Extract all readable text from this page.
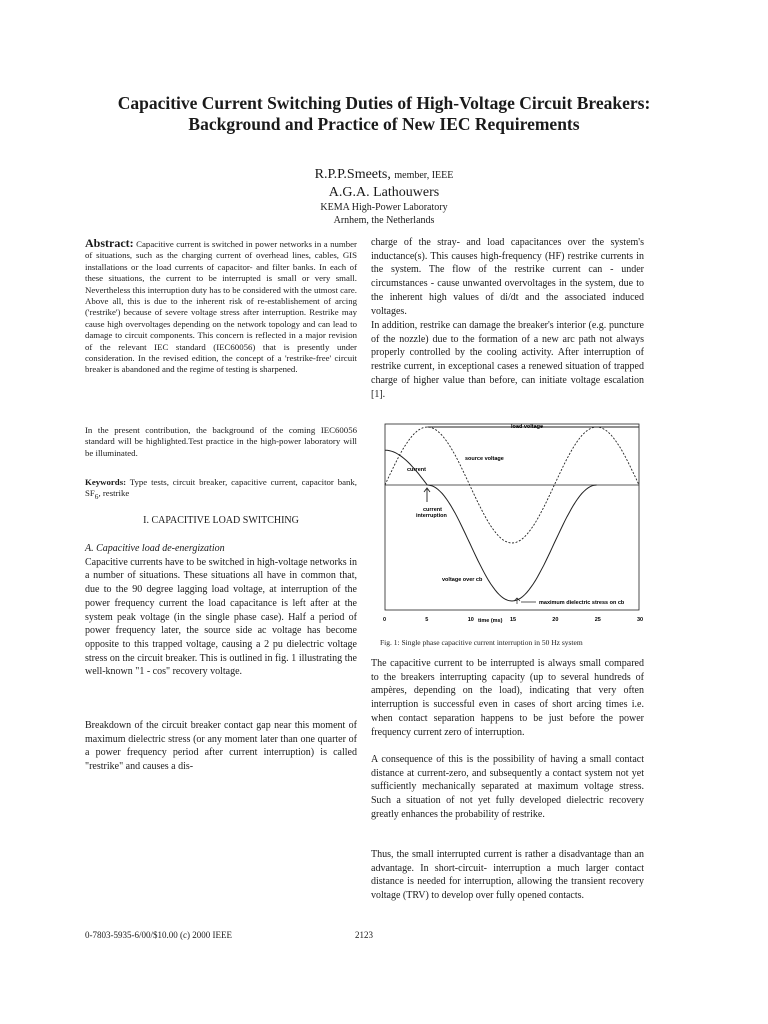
Capacitive Current Switching Duties of High-Voltage Circuit Breakers:
Background and Practice of New IEC Requirements
R.P.P.Smeets, member, IEEE
A.G.A. Lathouwers
KEMA High-Power Laboratory
Arnhem, the Netherlands

Abstract: Capacitive current is switched in power networks in a number of situations, such as the charging current of overhead lines, cables, GIS installations or the load currents of capacitor- and filter banks. In each of these situations, the current to be interrupted is small or very small. Nevertheless this interruption duty has to be considered with the utmost care. Above all, this is due to the inherent risk of re-establishement of arcing ('restrike') because of severe voltage stress after interruption. Restrike may cause high overvoltages depending on the network topology and can lead to damage to circuit components. This concern is reflected in a major revision of the relevant IEC standard (IEC60056) that is presently under consideration. In the revised edition, the concept of a 'restrike-free' circuit breaker is abandoned and the regime of testing is sharpened.

In the present contribution, the background of the coming IEC60056 standard will be highlighted.Test practice in the high-power laboratory will be illuminated.

Keywords: Type tests, circuit breaker, capacitive current, capacitor bank, $SF_6$, restrike

I. CAPACITIVE LOAD SWITCHING

A. Capacitive load de-energization

Capacitive currents have to be switched in high-voltage networks in a number of situations. These situations all have in common that, due to the 90 degree lagging load voltage, at interruption of the power frequency current the load capacitance is left after at the system peak voltage (in the single phase case). Half a period of power frequency later, the source side ac voltage has become opposite to this trapped voltage, causing a 2 pu dielectric voltage stress on the circuit breaker. This is outlined in fig. 1 illustrating the well-known "1 - cos" recovery voltage.

Breakdown of the circuit breaker contact gap near this moment of maximum dielectric stress (or any moment later than one quarter of a power frequency period after current interruption) is called "restrike" and causes a dis-
charge of the stray- and load capacitances over the system's inductance(s). This causes high-frequency (HF) restrike currents in the system. The flow of the restrike current can - under circumstances - cause unwanted overvoltages in the system, due to the inherent high values of di/dt and the associated induced voltages.
In addition, restrike can damage the breaker's interior (e.g. puncture of the nozzle) due to the formation of a new arc path not always properly controlled by the cooling activity. After interruption of restrike current, in exceptional cases a renewed situation of trapped charge of higher value than before, can initiate voltage escalation [1].
load voltage
source voltage
current
current
interruption
voltage over cb
maximum dielectric stress on cb
0	5	10	15	20	25	30
time (ms)
Fig. 1: Single phase capacitive current interruption in 50 Hz system
The capacitive current to be interrupted is always small compared to the breakers interrupting capacity (up to several hundreds of ampères, depending on the load), indicating that very often interruption is successful even in cases of short arcing times i.e. when contact separation happens to be just before the power frequency current zero of interruption.
A consequence of this is the possibility of having a small contact distance at current-zero, and subsequently a contact system not yet sufficiently mechanically separated at maximum voltage stress. Such a situation of not yet fully developed dielectric recovery greatly enhances the probability of restrike.
Thus, the small interrupted current is rather a disadvantage than an advantage. In short-circuit- interruption a much larger contact distance is needed for interruption, allowing the transient recovery voltage (TRV) to develop over fully opened contacts.
0-7803-5935-6/00/$10.00 (c) 2000 IEEE	2123
